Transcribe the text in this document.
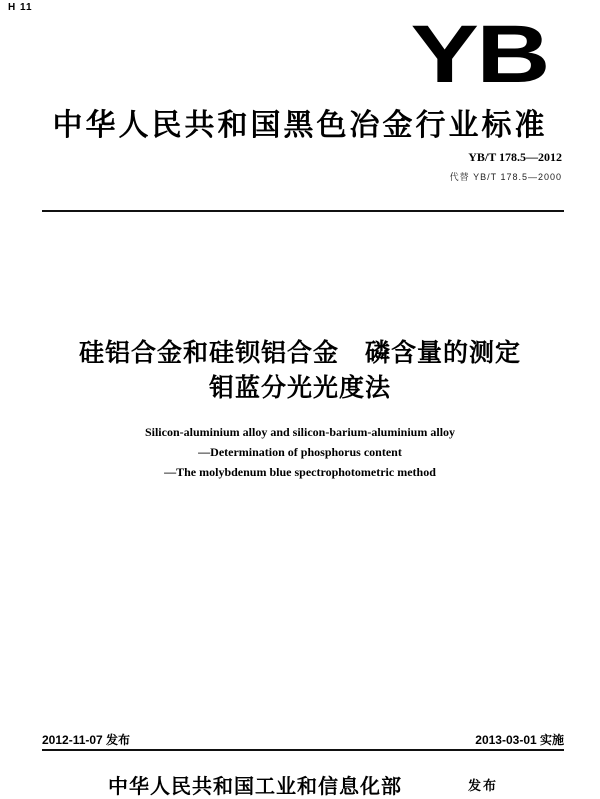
H 11
YB
中华人民共和国黑色冶金行业标准
YB/T 178.5—2012
代替 YB/T 178.5—2000
硅铝合金和硅钡铝合金　磷含量的测定
钼蓝分光光度法
Silicon-aluminium alloy and silicon-barium-aluminium alloy
—Determination of phosphorus content
—The molybdenum blue spectrophotometric method
2012-11-07 发布	2013-03-01 实施
中华人民共和国工业和信息化部	发布
